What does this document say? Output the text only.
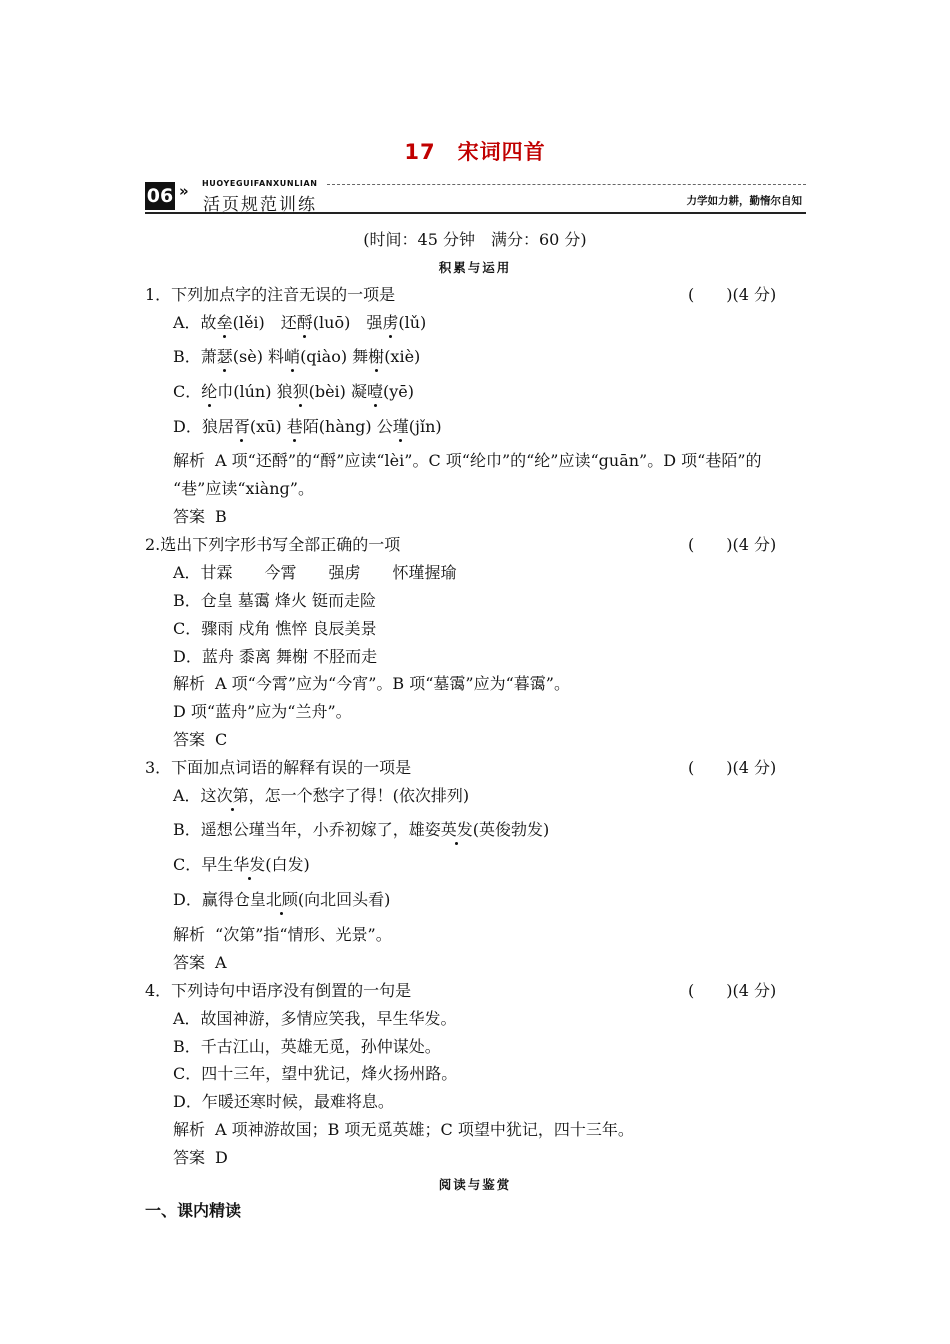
17　宋词四首
06 » HUOYEGUIFANXUNLIAN
活页规范训练	力学如力耕，勤惰尔自知
(时间：45 分钟　满分：60 分)
积累与运用
1．下列加点字的注音无误的一项是	(　　)(4 分)
A．故垒(lěi)　还酹(luō)　强虏(lǔ)
B．萧瑟(sè) 料峭(qiào) 舞榭(xiè)
C．纶巾(lún) 狼狈(bèi) 凝噎(yē)
D．狼居胥(xū) 巷陌(hàng) 公瑾(jǐn)
解析 A 项“还酹”的“酹”应读“lèi”。C 项“纶巾”的“纶”应读“guān”。D 项“巷陌”的
“巷”应读“xiànɡ”。
答案 B
2.选出下列字形书写全部正确的一项	(　　)(4 分)
A．甘霖　　今霄　　强虏　　怀瑾握瑜
B．仓皇 墓霭 烽火 铤而走险
C．骤雨 戍角 憔悴 良辰美景
D．蓝舟 黍离 舞榭 不胫而走
解析 A 项“今霄”应为“今宵”。B 项“墓霭”应为“暮霭”。
D 项“蓝舟”应为“兰舟”。
答案 C
3．下面加点词语的解释有误的一项是	(　　)(4 分)
A．这次第，怎一个愁字了得！(依次排列)
B．遥想公瑾当年，小乔初嫁了，雄姿英发(英俊勃发)
C．早生华发(白发)
D．赢得仓皇北顾(向北回头看)
解析 “次第”指“情形、光景”。
答案 A
4．下列诗句中语序没有倒置的一句是	(　　)(4 分)
A．故国神游，多情应笑我，早生华发。
B．千古江山，英雄无觅，孙仲谋处。
C．四十三年，望中犹记，烽火扬州路。
D．乍暖还寒时候，最难将息。
解析 A 项神游故国；B 项无觅英雄；C 项望中犹记，四十三年。
答案 D
阅读与鉴赏
一、课内精读
